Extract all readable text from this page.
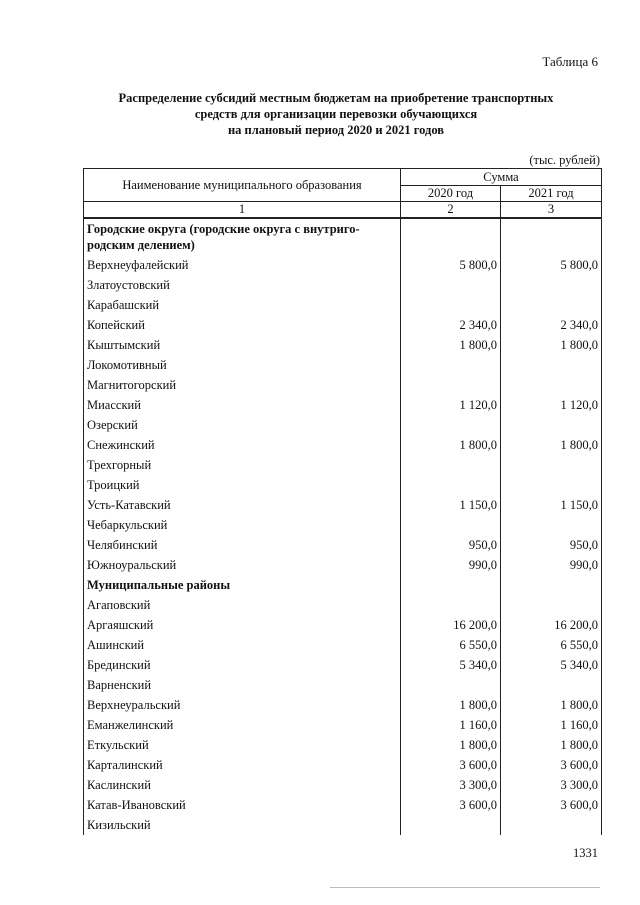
Таблица 6
Распределение субсидий местным бюджетам на приобретение транспортных
средств для организации перевозки обучающихся
на плановый период 2020 и 2021 годов
(тыс. рублей)
Наименование муниципального образования	Сумма	
	2020 год	2021 год
1	2	3
Городские округа (городские округа с внутриго-родским делением)		
Верхнеуфалейский	5 800,0	5 800,0
Златоустовский		
Карабашский		
Копейский	2 340,0	2 340,0
Кыштымский	1 800,0	1 800,0
Локомотивный		
Магнитогорский		
Миасский	1 120,0	1 120,0
Озерский		
Снежинский	1 800,0	1 800,0
Трехгорный		
Троицкий		
Усть-Катавский	1 150,0	1 150,0
Чебаркульский		
Челябинский	950,0	950,0
Южноуральский	990,0	990,0
Муниципальные районы		
Агаповский		
Аргаяшский	16 200,0	16 200,0
Ашинский	6 550,0	6 550,0
Брединский	5 340,0	5 340,0
Варненский		
Верхнеуральский	1 800,0	1 800,0
Еманжелинский	1 160,0	1 160,0
Еткульский	1 800,0	1 800,0
Карталинский	3 600,0	3 600,0
Каслинский	3 300,0	3 300,0
Катав-Ивановский	3 600,0	3 600,0
Кизильский		
1331
